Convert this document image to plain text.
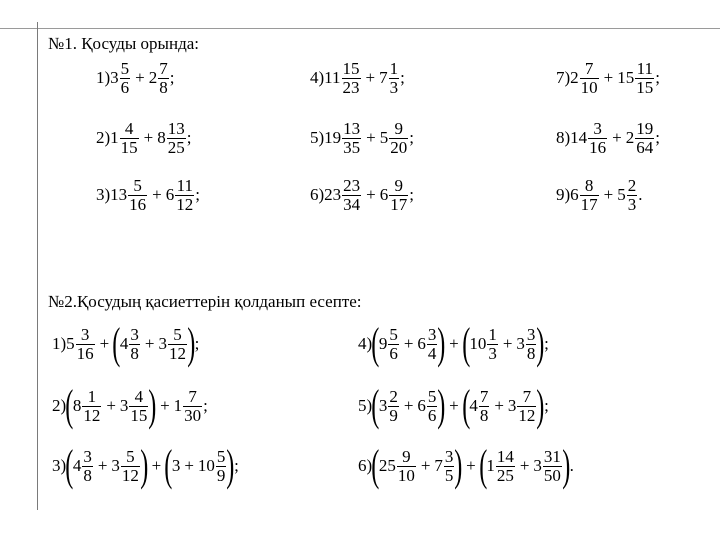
№1. Қосуды орында:
1) $3 \frac{5}{6} + 2 \frac{7}{8}$ ;
2) $1 \frac{4}{15} + 8 \frac{13}{25}$ ;
3) $13 \frac{5}{16} + 6 \frac{11}{12}$ ;
4) $11 \frac{15}{23} + 7 \frac{1}{3}$ ;
5) $19 \frac{13}{35} + 5 \frac{9}{20}$ ;
6) $23 \frac{23}{34} + 6 \frac{9}{17}$ ;
7) $2 \frac{7}{10} + 15 \frac{11}{15}$ ;
8) $14 \frac{3}{16} + 2 \frac{19}{64}$ ;
9) $6 \frac{8}{17} + 5 \frac{2}{3}$ .
№2.Қосудың қасиеттерін қолданып есепте:
1) $5 \frac{3}{16}$ + ( $4 \frac{3}{8} + 3 \frac{5}{12}$ ) ;
2) ( $8 \frac{1}{12} + 3 \frac{4}{15}$ ) + $1 \frac{7}{30}$ ;
3) ( $4 \frac{3}{8} + 3 \frac{5}{12}$ ) + ( $3 + 10 \frac{5}{9}$ ) ;
4) ( $9 \frac{5}{6} + 6 \frac{3}{4}$ ) + ( $10 \frac{1}{3} + 3 \frac{3}{8}$ ) ;
5) ( $3 \frac{2}{9} + 6 \frac{5}{6}$ ) + ( $4 \frac{7}{8} + 3 \frac{7}{12}$ ) ;
6) ( $25 \frac{9}{10} + 7 \frac{3}{5}$ ) + ( $1 \frac{14}{25} + 3 \frac{31}{50}$ ) .
